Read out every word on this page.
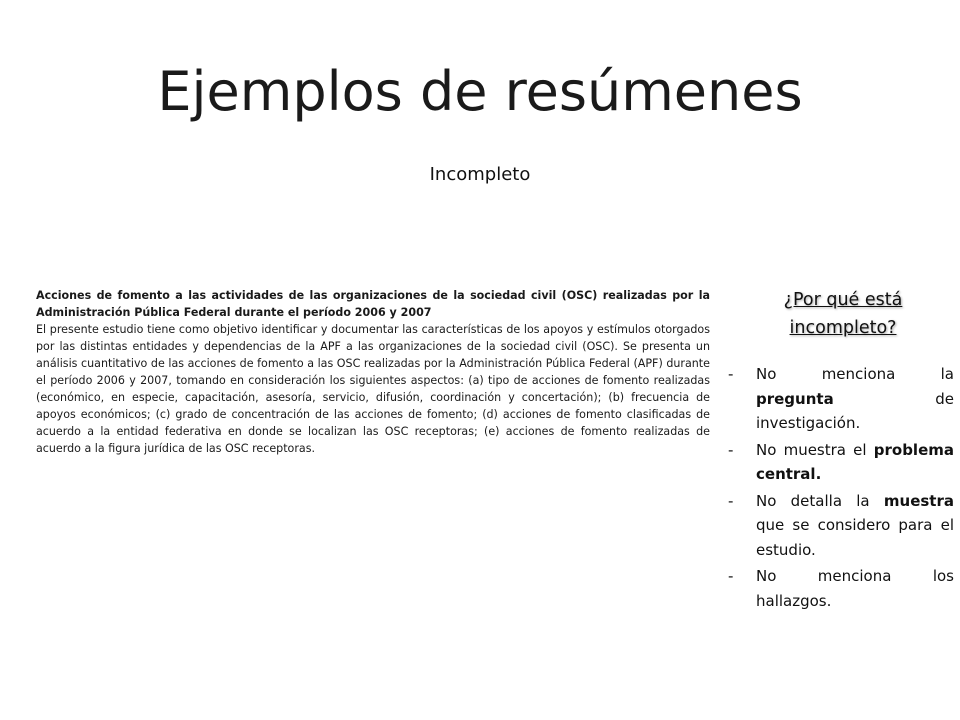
Ejemplos de resúmenes
Incompleto

Acciones de fomento a las actividades de las organizaciones de la sociedad civil (OSC) realizadas por la Administración Pública Federal durante el período 2006 y 2007

El presente estudio tiene como objetivo identificar y documentar las características de los apoyos y estímulos otorgados por las distintas entidades y dependencias de la APF a las organizaciones de la sociedad civil (OSC). Se presenta un análisis cuantitativo de las acciones de fomento a las OSC realizadas por la Administración Pública Federal (APF) durante el período 2006 y 2007, tomando en consideración los siguientes aspectos: (a) tipo de acciones de fomento realizadas (económico, en especie, capacitación, asesoría, servicio, difusión, coordinación y concertación); (b) frecuencia de apoyos económicos; (c) grado de concentración de las acciones de fomento; (d) acciones de fomento clasificadas de acuerdo a la entidad federativa en donde se localizan las OSC receptoras; (e) acciones de fomento realizadas de acuerdo a la figura jurídica de las OSC receptoras.

¿Por qué está incompleto?
- No menciona la pregunta de investigación.
- No muestra el problema central.
- No detalla la muestra que se considero para el estudio.
- No menciona los hallazgos.
